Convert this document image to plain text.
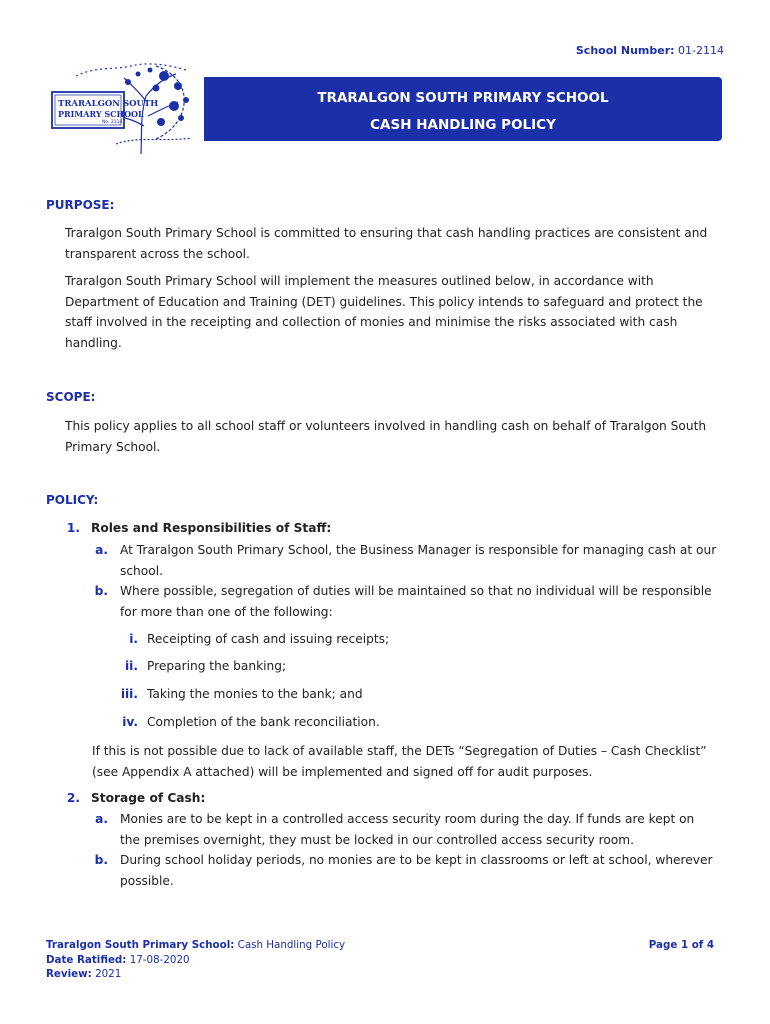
School Number: 01-2114
TRARALGON SOUTH
PRIMARY SCHOOL
No. 2114
TRARALGON SOUTH PRIMARY SCHOOL
CASH HANDLING POLICY
PURPOSE:
Traralgon South Primary School is committed to ensuring that cash handling practices are consistent and
transparent across the school.
Traralgon South Primary School will implement the measures outlined below, in accordance with
Department of Education and Training (DET) guidelines. This policy intends to safeguard and protect the
staff involved in the receipting and collection of monies and minimise the risks associated with cash
handling.
SCOPE:
This policy applies to all school staff or volunteers involved in handling cash on behalf of Traralgon South
Primary School.
POLICY:
1. Roles and Responsibilities of Staff:
a. At Traralgon South Primary School, the Business Manager is responsible for managing cash at our
school.
b. Where possible, segregation of duties will be maintained so that no individual will be responsible
for more than one of the following:
i. Receipting of cash and issuing receipts;
ii. Preparing the banking;
iii. Taking the monies to the bank; and
iv. Completion of the bank reconciliation.
If this is not possible due to lack of available staff, the DETs “Segregation of Duties – Cash Checklist”
(see Appendix A attached) will be implemented and signed off for audit purposes.
2. Storage of Cash:
a. Monies are to be kept in a controlled access security room during the day. If funds are kept on
the premises overnight, they must be locked in our controlled access security room.
b. During school holiday periods, no monies are to be kept in classrooms or left at school, wherever
possible.
Traralgon South Primary School: Cash Handling Policy
Date Ratified: 17-08-2020
Review: 2021
Page 1 of 4
